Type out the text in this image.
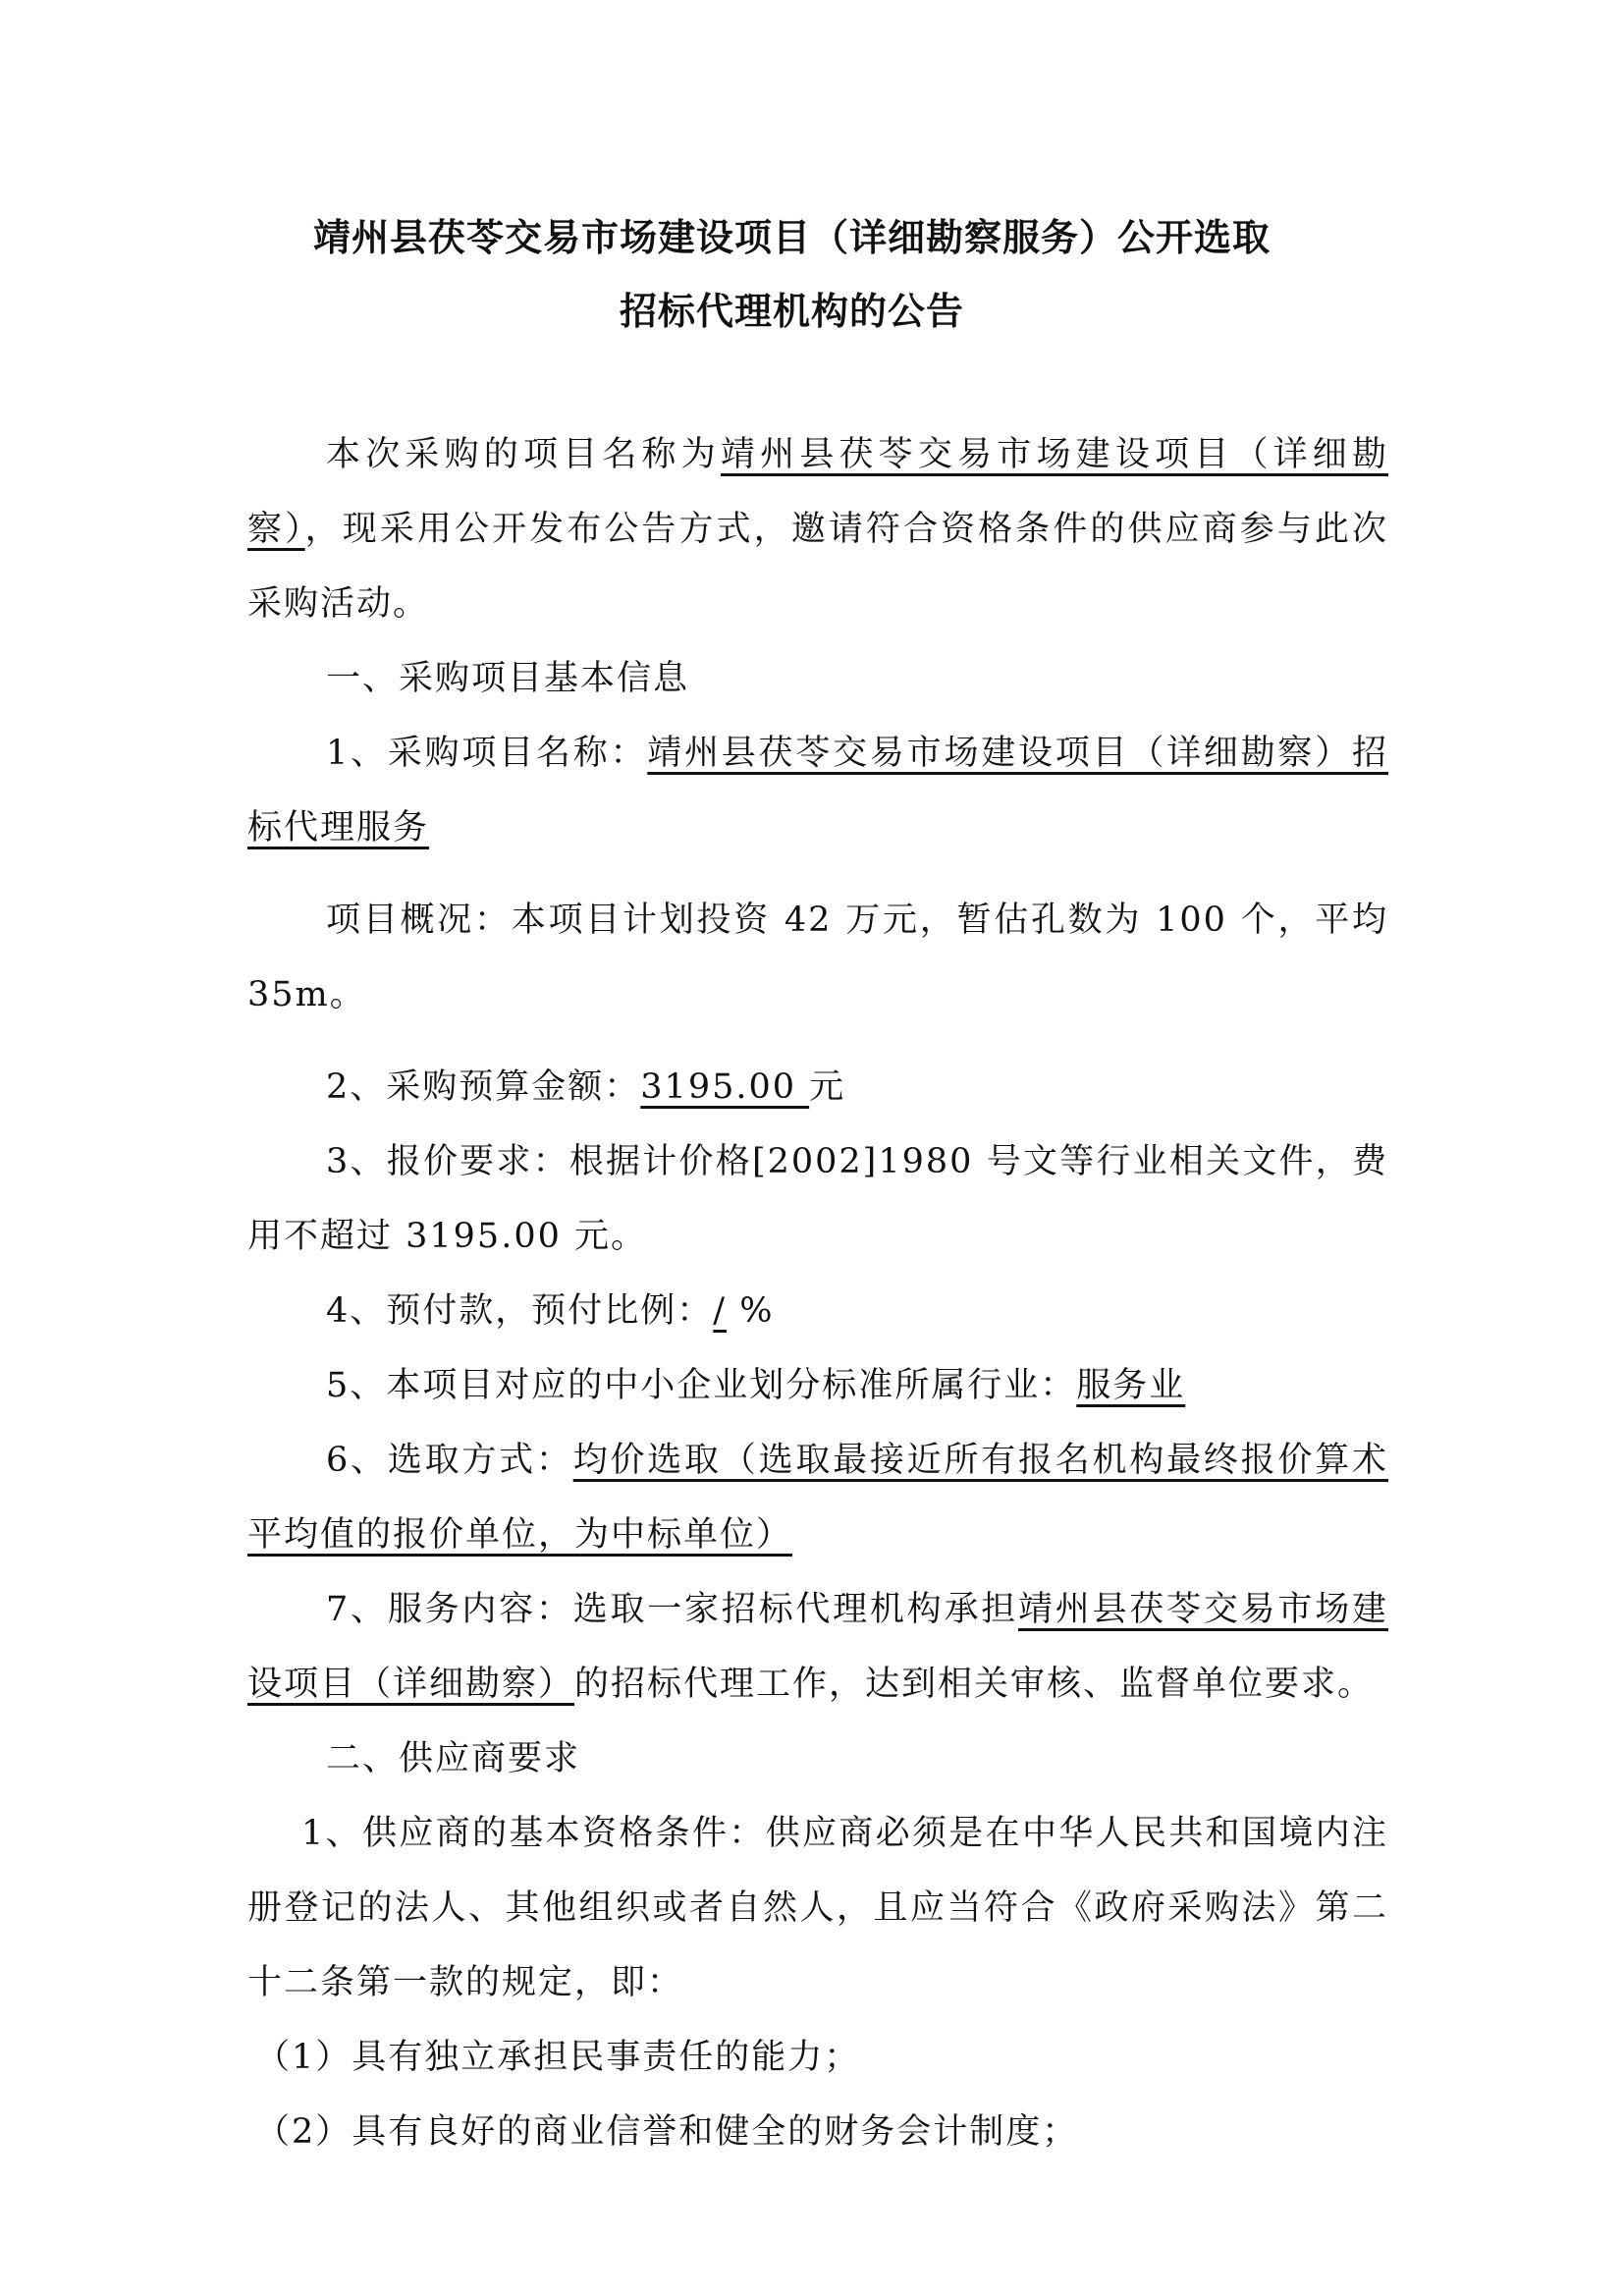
靖州县茯苓交易市场建设项目（详细勘察服务）公开选取
招标代理机构的公告

本次采购的项目名称为靖州县茯苓交易市场建设项目（详细勘察），现采用公开发布公告方式，邀请符合资格条件的供应商参与此次采购活动。

一、采购项目基本信息

1、采购项目名称：靖州县茯苓交易市场建设项目（详细勘察）招标代理服务

项目概况：本项目计划投资 42 万元，暂估孔数为 100 个，平均 35m。

2、采购预算金额：3195.00 元

3、报价要求：根据计价格[2002]1980 号文等行业相关文件，费用不超过 3195.00 元。

4、预付款，预付比例：/ %

5、本项目对应的中小企业划分标准所属行业：服务业

6、选取方式：均价选取（选取最接近所有报名机构最终报价算术平均值的报价单位，为中标单位）

7、服务内容：选取一家招标代理机构承担靖州县茯苓交易市场建设项目（详细勘察）的招标代理工作，达到相关审核、监督单位要求。

二、供应商要求

1、供应商的基本资格条件：供应商必须是在中华人民共和国境内注册登记的法人、其他组织或者自然人，且应当符合《政府采购法》第二十二条第一款的规定，即：

（1）具有独立承担民事责任的能力；

（2）具有良好的商业信誉和健全的财务会计制度；
